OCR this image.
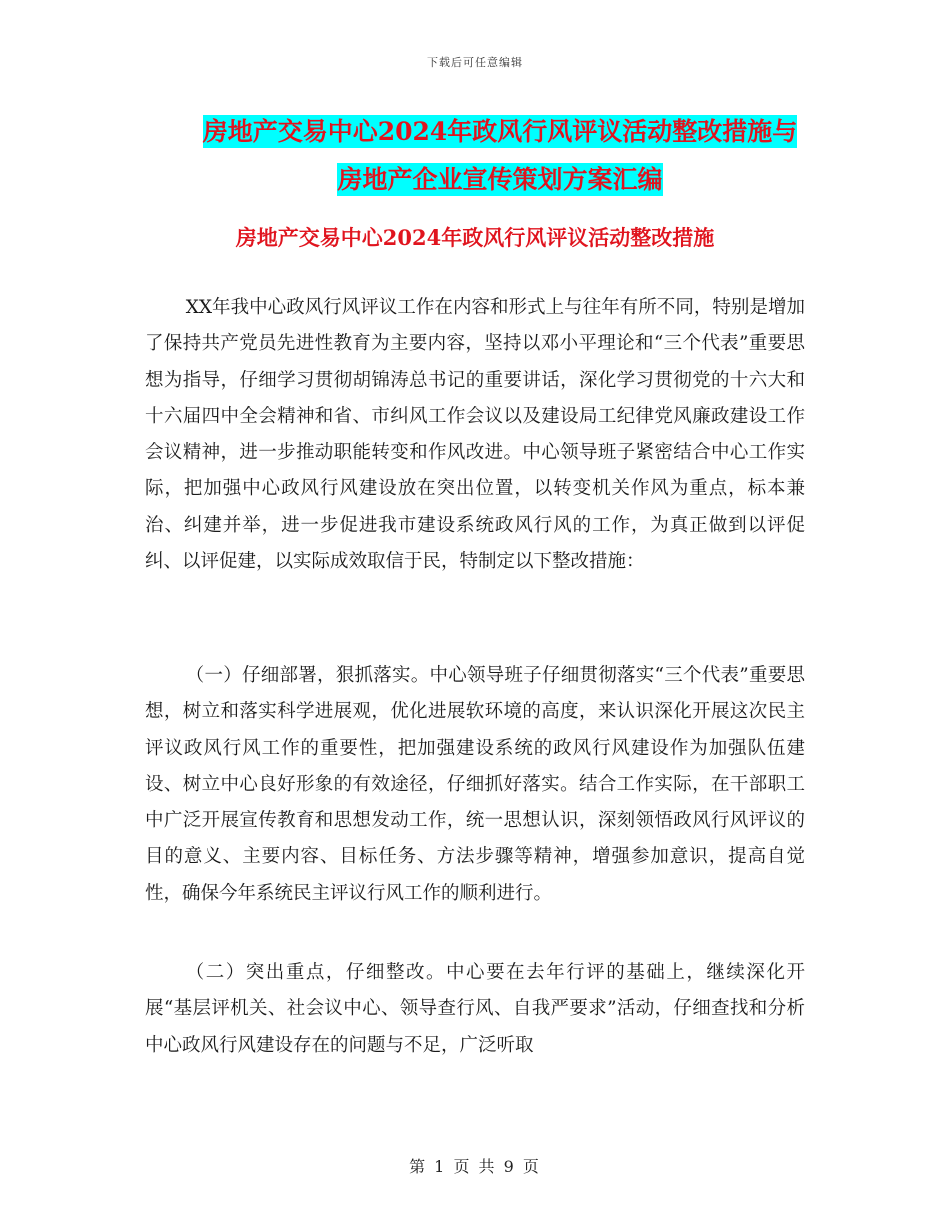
下载后可任意编辑
房地产交易中心2024年政风行风评议活动整改措施与
房地产企业宣传策划方案汇编
房地产交易中心2024年政风行风评议活动整改措施

XX年我中心政风行风评议工作在内容和形式上与往年有所不同，特别是增加了保持共产党员先进性教育为主要内容，坚持以邓小平理论和“三个代表”重要思想为指导，仔细学习贯彻胡锦涛总书记的重要讲话，深化学习贯彻党的十六大和十六届四中全会精神和省、市纠风工作会议以及建设局工纪律党风廉政建设工作会议精神，进一步推动职能转变和作风改进。中心领导班子紧密结合中心工作实际，把加强中心政风行风建设放在突出位置，以转变机关作风为重点，标本兼治、纠建并举，进一步促进我市建设系统政风行风的工作，为真正做到以评促纠、以评促建，以实际成效取信于民，特制定以下整改措施：

（一）仔细部署，狠抓落实。中心领导班子仔细贯彻落实“三个代表”重要思想，树立和落实科学进展观，优化进展软环境的高度，来认识深化开展这次民主评议政风行风工作的重要性，把加强建设系统的政风行风建设作为加强队伍建设、树立中心良好形象的有效途径，仔细抓好落实。结合工作实际，在干部职工中广泛开展宣传教育和思想发动工作，统一思想认识，深刻领悟政风行风评议的目的意义、主要内容、目标任务、方法步骤等精神，增强参加意识，提高自觉性，确保今年系统民主评议行风工作的顺利进行。

（二）突出重点，仔细整改。中心要在去年行评的基础上，继续深化开展“基层评机关、社会议中心、领导查行风、自我严要求”活动，仔细查找和分析中心政风行风建设存在的问题与不足，广泛听取

第 1 页 共 9 页
